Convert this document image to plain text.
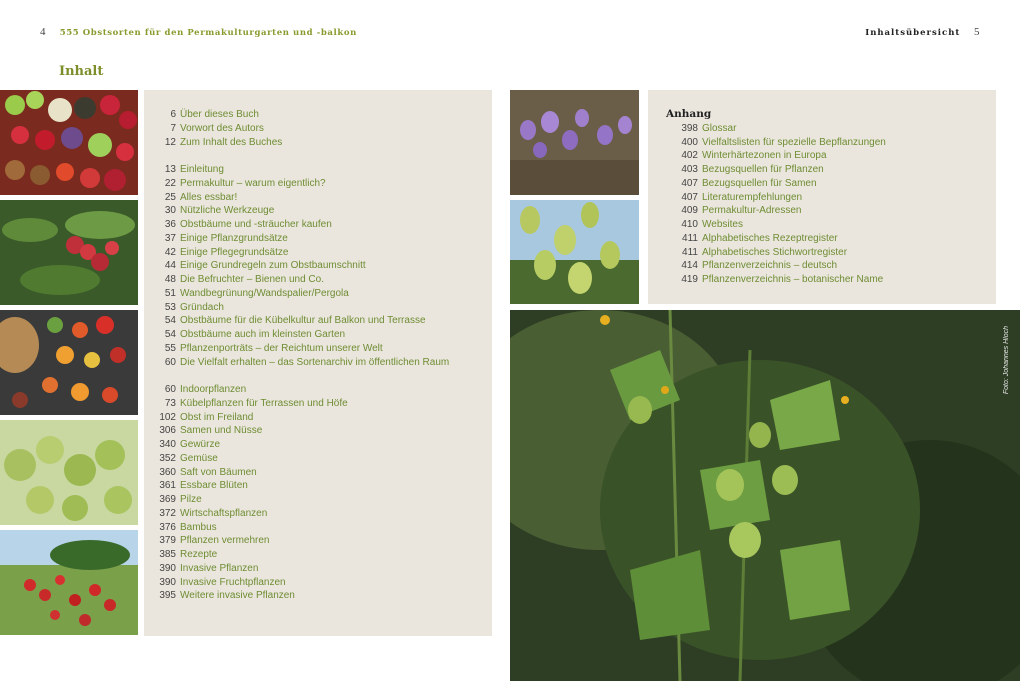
4 555 Obstsorten für den Permakulturgarten und -balkon	Inhaltsübersicht 5
Inhalt
6 Über dieses Buch
7 Vorwort des Autors
12 Zum Inhalt des Buches
13 Einleitung
22 Permakultur – warum eigentlich?
25 Alles essbar!
30 Nützliche Werkzeuge
36 Obstbäume und -sträucher kaufen
37 Einige Pflanzgrundsätze
42 Einige Pflegegrundsätze
44 Einige Grundregeln zum Obstbaumschnitt
48 Die Befruchter – Bienen und Co.
51 Wandbegrünung/Wandspalier/Pergola
53 Gründach
54 Obstbäume für die Kübelkultur auf Balkon und Terrasse
54 Obstbäume auch im kleinsten Garten
55 Pflanzenporträts – der Reichtum unserer Welt
60 Die Vielfalt erhalten – das Sortenarchiv im öffentlichen Raum
60 Indoorpflanzen
73 Kübelpflanzen für Terrassen und Höfe
102 Obst im Freiland
306 Samen und Nüsse
340 Gewürze
352 Gemüse
360 Saft von Bäumen
361 Essbare Blüten
369 Pilze
372 Wirtschaftspflanzen
376 Bambus
379 Pflanzen vermehren
385 Rezepte
390 Invasive Pflanzen
390 Invasive Fruchtpflanzen
395 Weitere invasive Pflanzen
Anhang
398 Glossar
400 Vielfaltslisten für spezielle Bepflanzungen
402 Winterhärtezonen in Europa
403 Bezugsquellen für Pflanzen
407 Bezugsquellen für Samen
407 Literaturempfehlungen
409 Permakultur-Adressen
410 Websites
411 Alphabetisches Rezeptregister
411 Alphabetisches Stichwortregister
414 Pflanzenverzeichnis – deutsch
419 Pflanzenverzeichnis – botanischer Name
Foto: Johannes Hloch
